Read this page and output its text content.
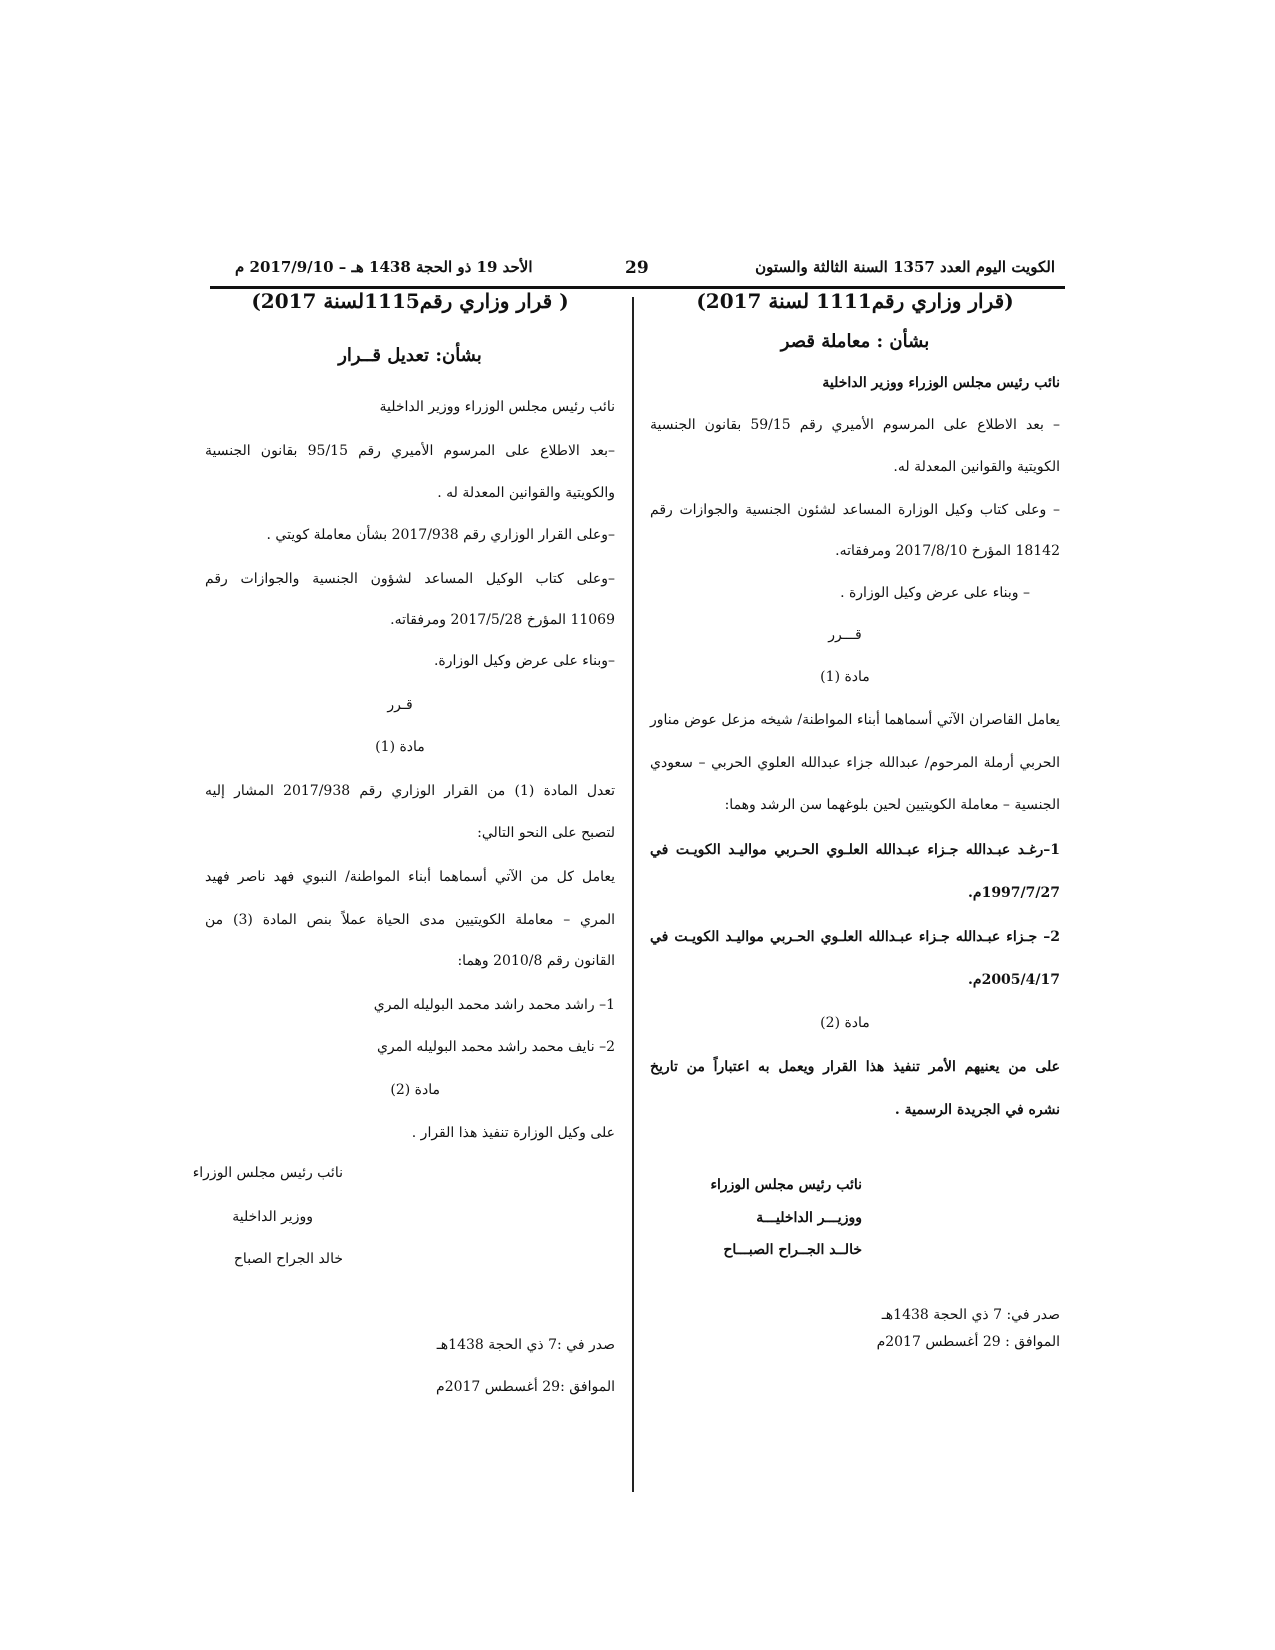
الكويت اليوم العدد 1357 السنة الثالثة والستون
29
الأحد 19 ذو الحجة 1438 هـ – 2017/9/10 م
(قرار وزاري رقم1111 لسنة 2017)
بشأن : معاملة قصر
نائب رئيس مجلس الوزراء ووزير الداخلية
– بعد الاطلاع على المرسوم الأميري رقم 59/15 بقانون الجنسية
الكويتية والقوانين المعدلة له.
– وعلى كتاب وكيل الوزارة المساعد لشئون الجنسية والجوازات رقم
18142 المؤرخ 2017/8/10 ومرفقاته.
– وبناء على عرض وكيل الوزارة .
قـــرر
مادة (1)
يعامل القاصران الآتي أسماهما أبناء المواطنة/ شيخه مزعل عوض مناور
الحربي أرملة المرحوم/ عبدالله جزاء عبدالله العلوي الحربي – سعودي
الجنسية – معاملة الكويتيين لحين بلوغهما سن الرشد وهما:
1–رغـد عبـدالله جـزاء عبـدالله العلـوي الحـربي مواليـد الكويـت في
1997/7/27م.
2– جـزاء عبـدالله جـزاء عبـدالله العلـوي الحـربي مواليـد الكويـت في
2005/4/17م.
مادة (2)
على من يعنيهم الأمر تنفيذ هذا القرار ويعمل به اعتباراً من تاريخ
نشره في الجريدة الرسمية .
نائب رئيس مجلس الوزراء
ووزيـــر الداخليـــة
خالــد الجــراح الصبـــاح
صدر في: 7 ذي الحجة 1438هـ
الموافق : 29 أغسطس 2017م
( قرار وزاري رقم1115لسنة 2017)
بشأن: تعديل قــرار
نائب رئيس مجلس الوزراء ووزير الداخلية
–بعد الاطلاع على المرسوم الأميري رقم 95/15 بقانون الجنسية
والكويتية والقوانين المعدلة له .
–وعلى القرار الوزاري رقم 2017/938 بشأن معاملة كويتي .
–وعلى كتاب الوكيل المساعد لشؤون الجنسية والجوازات رقم
11069 المؤرخ 2017/5/28 ومرفقاته.
–وبناء على عرض وكيل الوزارة.
قـرر
مادة (1)
تعدل المادة (1) من القرار الوزاري رقم 2017/938 المشار إليه
لتصبح على النحو التالي:
يعامل كل من الآتي أسماهما أبناء المواطنة/ النبوي فهد ناصر فهيد
المري – معاملة الكويتيين مدى الحياة عملاً بنص المادة (3) من
القانون رقم 2010/8 وهما:
1– راشد محمد راشد محمد البوليله المري
2– نايف محمد راشد محمد البوليله المري
مادة (2)
على وكيل الوزارة تنفيذ هذا القرار .
نائب رئيس مجلس الوزراء
ووزير الداخلية
خالد الجراح الصباح
صدر في :7 ذي الحجة 1438هـ
الموافق :29 أغسطس 2017م
